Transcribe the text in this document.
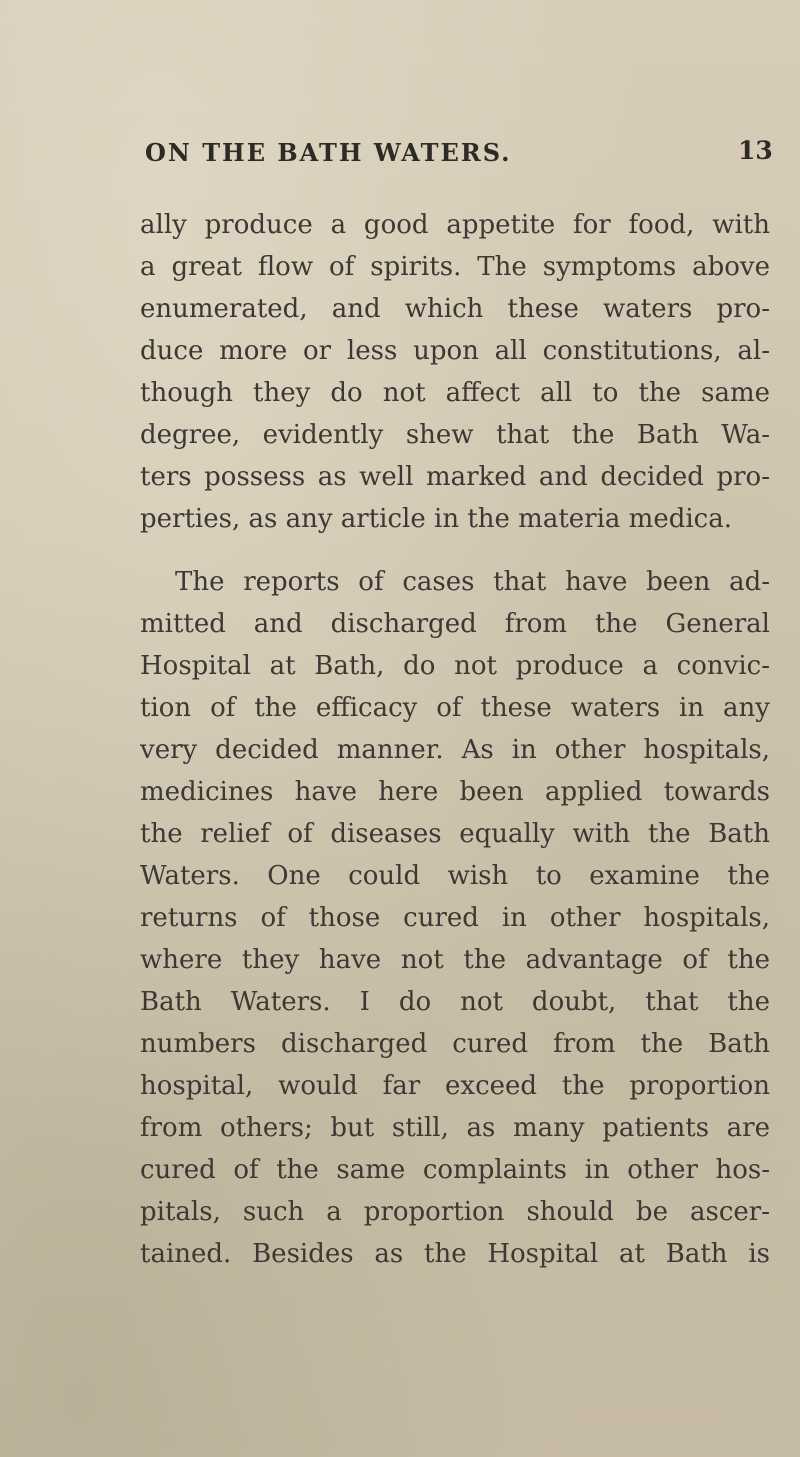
ON THE BATH WATERS.	13

ally produce a good appetite for food, with

a great flow of spirits. The symptoms above

enumerated, and which these waters pro-

duce more or less upon all constitutions, al-

though they do not affect all to the same

degree, evidently shew that the Bath Wa-

ters possess as well marked and decided pro-

perties, as any article in the materia medica.

The reports of cases that have been ad-

mitted and discharged from the General

Hospital at Bath, do not produce a convic-

tion of the efficacy of these waters in any

very decided manner. As in other hospitals,

medicines have here been applied towards

the relief of diseases equally with the Bath

Waters. One could wish to examine the

returns of those cured in other hospitals,

where they have not the advantage of the

Bath Waters. I do not doubt, that the

numbers discharged cured from the Bath

hospital, would far exceed the proportion

from others; but still, as many patients are

cured of the same complaints in other hos-

pitals, such a proportion should be ascer-

tained. Besides as the Hospital at Bath is
